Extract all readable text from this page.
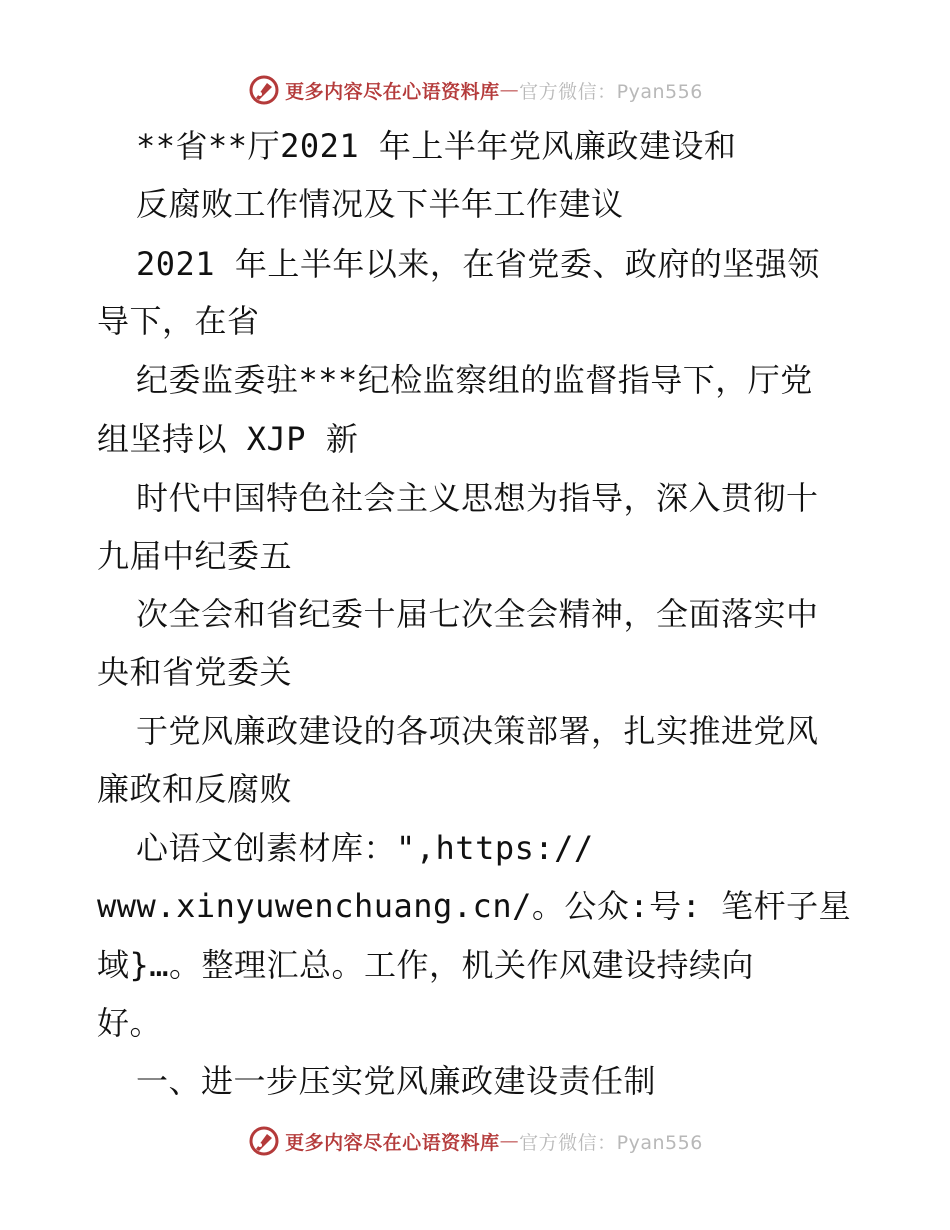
更多内容尽在心语资料库 — 官方微信：Pyan556
**省**厅2021 年上半年党风廉政建设和
反腐败工作情况及下半年工作建议
2021 年上半年以来，在省党委、政府的坚强领
导下，在省
纪委监委驻***纪检监察组的监督指导下，厅党
组坚持以 XJP 新
时代中国特色社会主义思想为指导，深入贯彻十
九届中纪委五
次全会和省纪委十届七次全会精神，全面落实中
央和省党委关
于党风廉政建设的各项决策部署，扎实推进党风
廉政和反腐败
心语文创素材库：",https://
www.xinyuwenchuang.cn/。公众:号: 笔杆子星
域}…。整理汇总。工作，机关作风建设持续向
好。
一、进一步压实党风廉政建设责任制
更多内容尽在心语资料库 — 官方微信：Pyan556
